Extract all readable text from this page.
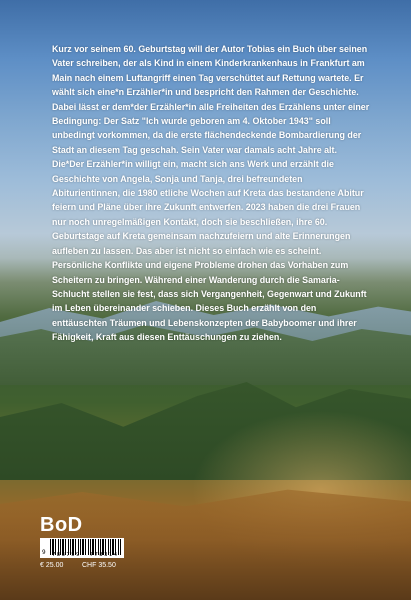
Kurz vor seinem 60. Geburtstag will der Autor Tobias ein Buch über seinen Vater schreiben, der als Kind in einem Kinderkrankenhaus in Frankfurt am Main nach einem Luftangriff einen Tag verschüttet auf Rettung wartete. Er wählt sich eine*n Erzähler*in und bespricht den Rahmen der Geschichte. Dabei lässt er dem*der Erzähler*in alle Freiheiten des Erzählens unter einer Bedingung: Der Satz "Ich wurde geboren am 4. Oktober 1943" soll unbedingt vorkommen, da die erste flächendeckende Bombardierung der Stadt an diesem Tag geschah. Sein Vater war damals acht Jahre alt. Die*Der Erzähler*in willigt ein, macht sich ans Werk und erzählt die Geschichte von Angela, Sonja und Tanja, drei befreundeten Abiturientinnen, die 1980 etliche Wochen auf Kreta das bestandene Abitur feiern und Pläne über ihre Zukunft entwerfen. 2023 haben die drei Frauen nur noch unregelmäßigen Kontakt, doch sie beschließen, ihre 60. Geburtstage auf Kreta gemeinsam nachzufeiern und alte Erinnerungen aufleben zu lassen. Das aber ist nicht so einfach wie es scheint. Persönliche Konflikte und eigene Probleme drohen das Vorhaben zum Scheitern zu bringen. Während einer Wanderung durch die Samaria-Schlucht stellen sie fest, dass sich Vergangenheit, Gegenwart und Zukunft im Leben übereinander schieben. Dieses Buch erzählt von den enttäuschten Träumen und Lebenskonzepten der Babyboomer und ihrer Fähigkeit, Kraft aus diesen Enttäuschungen zu ziehen.

BoD
9 783759 778314
€ 25.00	CHF 35.50
